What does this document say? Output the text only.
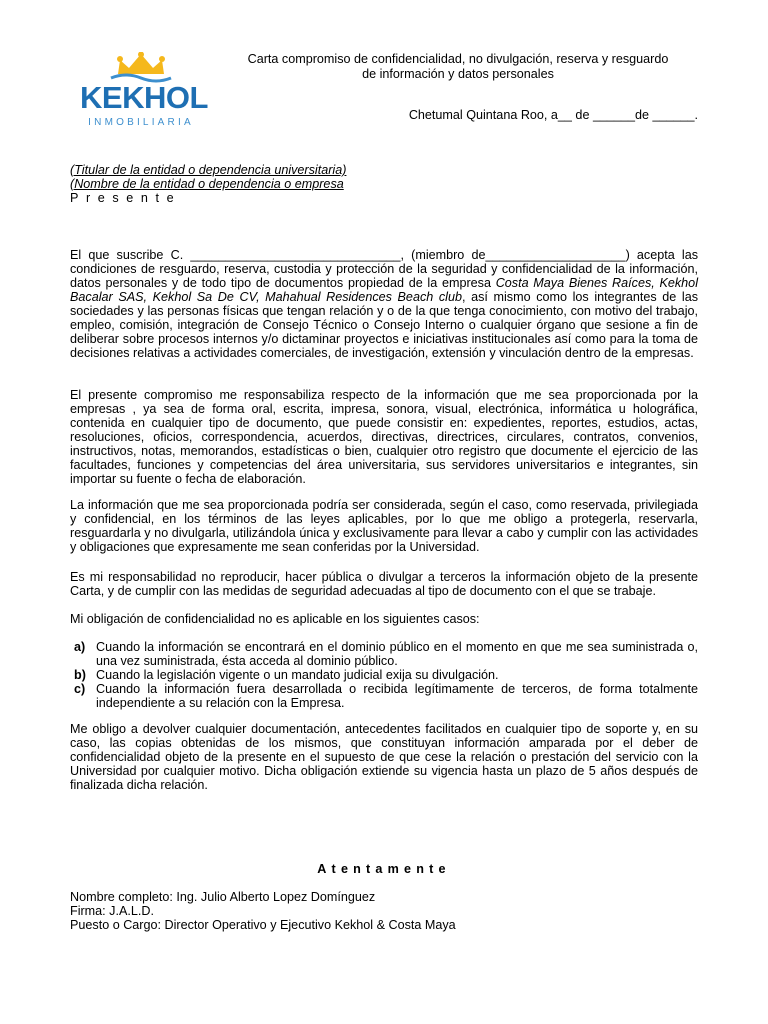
KEKHOL
INMOBILIARIA
Carta compromiso de confidencialidad, no divulgación, reserva y resguardo
de información y datos personales
Chetumal Quintana Roo, a__ de ______de ______.
(Titular de la entidad o dependencia universitaria)
(Nombre de la entidad o dependencia o empresa
Presente

El que suscribe C. ______________________________, (miembro de____________________) acepta las condiciones de resguardo, reserva, custodia y protección de la seguridad y confidencialidad de la información, datos personales y de todo tipo de documentos propiedad de la empresa Costa Maya Bienes Raíces, Kekhol Bacalar SAS, Kekhol Sa De CV, Mahahual Residences Beach club, así mismo como los integrantes de las sociedades y las personas físicas que tengan relación y o de la que tenga conocimiento, con motivo del trabajo, empleo, comisión, integración de Consejo Técnico o Consejo Interno o cualquier órgano que sesione a fin de deliberar sobre procesos internos y/o dictaminar proyectos e iniciativas institucionales así como para la toma de decisiones relativas a actividades comerciales, de investigación, extensión y vinculación dentro de la empresas.

El presente compromiso me responsabiliza respecto de la información que me sea proporcionada por la empresas , ya sea de forma oral, escrita, impresa, sonora, visual, electrónica, informática u holográfica, contenida en cualquier tipo de documento, que puede consistir en: expedientes, reportes, estudios, actas, resoluciones, oficios, correspondencia, acuerdos, directivas, directrices, circulares, contratos, convenios, instructivos, notas, memorandos, estadísticas o bien, cualquier otro registro que documente el ejercicio de las facultades, funciones y competencias del área universitaria, sus servidores universitarios e integrantes, sin importar su fuente o fecha de elaboración.

La información que me sea proporcionada podría ser considerada, según el caso, como reservada, privilegiada y confidencial, en los términos de las leyes aplicables, por lo que me obligo a protegerla, reservarla, resguardarla y no divulgarla, utilizándola única y exclusivamente para llevar a cabo y cumplir con las actividades y obligaciones que expresamente me sean conferidas por la Universidad.

Es mi responsabilidad no reproducir, hacer pública o divulgar a terceros la información objeto de la presente Carta, y de cumplir con las medidas de seguridad adecuadas al tipo de documento con el que se trabaje.

Mi obligación de confidencialidad no es aplicable en los siguientes casos:

a) Cuando la información se encontrará en el dominio público en el momento en que me sea suministrada o, una vez suministrada, ésta acceda al dominio público.
b) Cuando la legislación vigente o un mandato judicial exija su divulgación.
c) Cuando la información fuera desarrollada o recibida legítimamente de terceros, de forma totalmente independiente a su relación con la Empresa.

Me obligo a devolver cualquier documentación, antecedentes facilitados en cualquier tipo de soporte y, en su caso, las copias obtenidas de los mismos, que constituyan información amparada por el deber de confidencialidad objeto de la presente en el supuesto de que cese la relación o prestación del servicio con la Universidad por cualquier motivo. Dicha obligación extiende su vigencia hasta un plazo de 5 años después de finalizada dicha relación.

Atentamente
Nombre completo: Ing. Julio Alberto Lopez Domínguez
Firma: J.A.L.D.
Puesto o Cargo: Director Operativo y Ejecutivo Kekhol & Costa Maya
